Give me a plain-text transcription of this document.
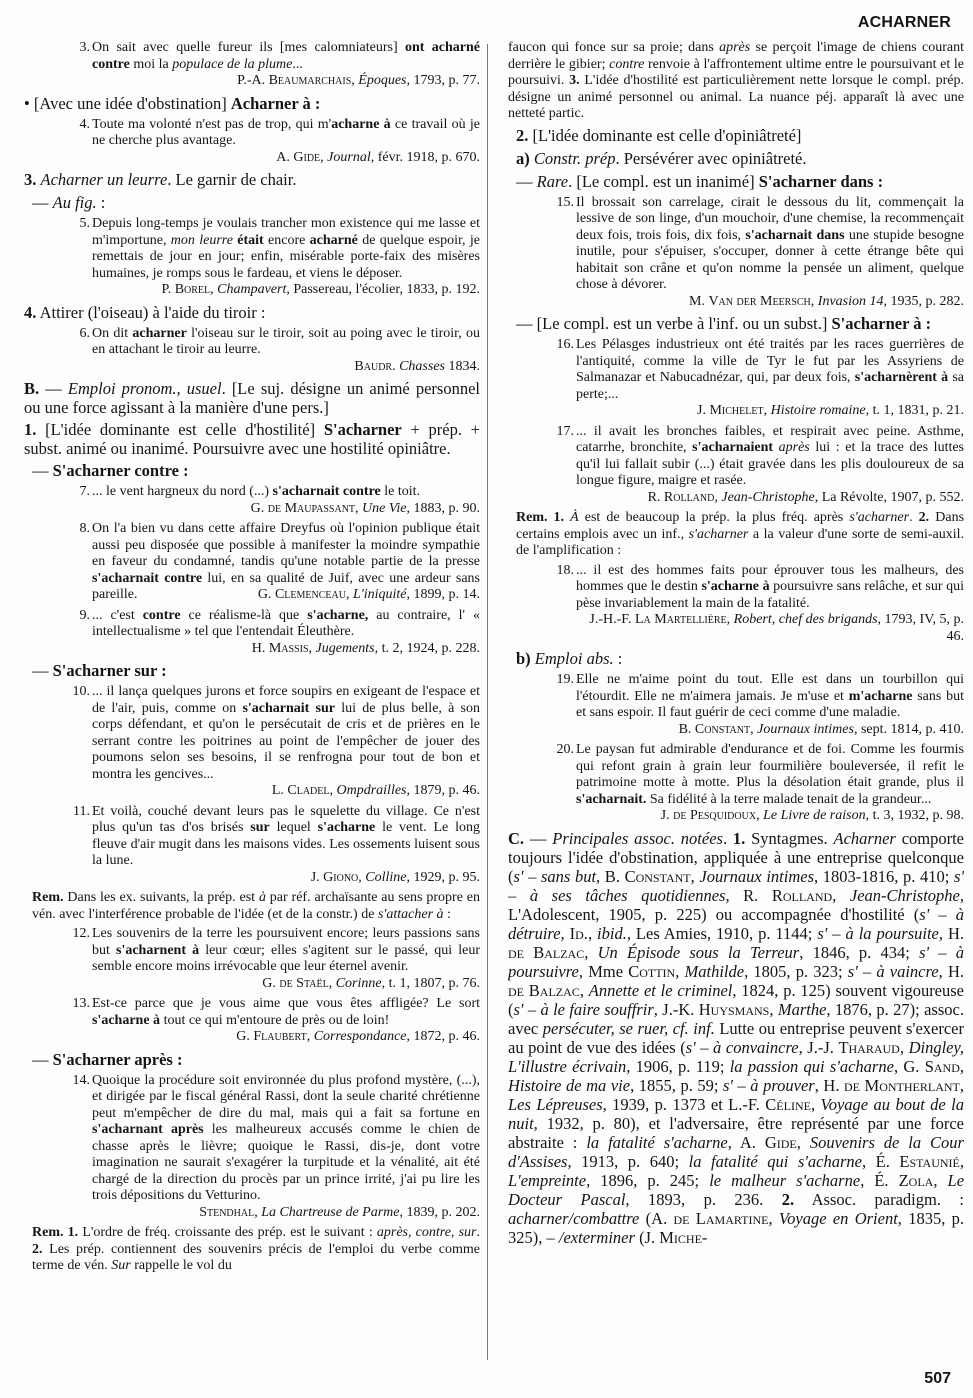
ACHARNER
3. On sait avec quelle fureur ils [mes calomniateurs] ont acharné contre moi la populace de la plume...
P.-A. Beaumarchais, Époques, 1793, p. 77.
• [Avec une idée d'obstination] Acharner à :
4. Toute ma volonté n'est pas de trop, qui m'acharne à ce travail où je ne cherche plus avantage.
A. Gide, Journal, févr. 1918, p. 670.
3. Acharner un leurre. Le garnir de chair.
— Au fig. :
5. Depuis long-temps je voulais trancher mon existence qui me lasse et m'importune, mon leurre était encore acharné de quelque espoir, je remettais de jour en jour; enfin, misérable porte-faix des misères humaines, je romps sous le fardeau, et viens le déposer.
P. Borel, Champavert, Passereau, l'écolier, 1833, p. 192.
4. Attirer (l'oiseau) à l'aide du tiroir :
6. On dit acharner l'oiseau sur le tiroir, soit au poing avec le tiroir, ou en attachant le tiroir au leurre.
Baudr. Chasses 1834.
B. — Emploi pronom., usuel. [Le suj. désigne un animé personnel ou une force agissant à la manière d'une pers.]
1. [L'idée dominante est celle d'hostilité] S'acharner + prép. + subst. animé ou inanimé. Poursuivre avec une hostilité opiniâtre.
— S'acharner contre :
7. ... le vent hargneux du nord (...) s'acharnait contre le toit.
G. de Maupassant, Une Vie, 1883, p. 90.
8. On l'a bien vu dans cette affaire Dreyfus où l'opinion publique était aussi peu disposée que possible à manifester la moindre sympathie en faveur du condamné, tandis qu'une notable partie de la presse s'acharnait contre lui, en sa qualité de Juif, avec une ardeur sans pareille.	G. Clemenceau, L'iniquité, 1899, p. 14.
9. ... c'est contre ce réalisme-là que s'acharne, au contraire, l' « intellectualisme » tel que l'entendait Éleuthère.
H. Massis, Jugements, t. 2, 1924, p. 228.
— S'acharner sur :
10. ... il lança quelques jurons et force soupirs en exigeant de l'espace et de l'air, puis, comme on s'acharnait sur lui de plus belle, à son corps défendant, et qu'on le persécutait de cris et de prières en le serrant contre les poitrines au point de l'empêcher de jouer des poumons selon ses besoins, il se renfrogna pour tout de bon et montra les gencives...
L. Cladel, Ompdrailles, 1879, p. 46.
11. Et voilà, couché devant leurs pas le squelette du village. Ce n'est plus qu'un tas d'os brisés sur lequel s'acharne le vent. Le long fleuve d'air mugit dans les maisons vides. Les ossements luisent sous la lune.
J. Giono, Colline, 1929, p. 95.
Rem. Dans les ex. suivants, la prép. est à par réf. archaïsante au sens propre en vén. avec l'interférence probable de l'idée (et de la constr.) de s'attacher à :
12. Les souvenirs de la terre les poursuivent encore; leurs passions sans but s'acharnent à leur cœur; elles s'agitent sur le passé, qui leur semble encore moins irrévocable que leur éternel avenir.
G. de Staël, Corinne, t. 1, 1807, p. 76.
13. Est-ce parce que je vous aime que vous êtes affligée? Le sort s'acharne à tout ce qui m'entoure de près ou de loin!
G. Flaubert, Correspondance, 1872, p. 46.
— S'acharner après :
14. Quoique la procédure soit environnée du plus profond mystère, (...), et dirigée par le fiscal général Rassi, dont la seule charité chrétienne peut m'empêcher de dire du mal, mais qui a fait sa fortune en s'acharnant après les malheureux accusés comme le chien de chasse après le lièvre; quoique le Rassi, dis-je, dont votre imagination ne saurait s'exagérer la turpitude et la vénalité, ait été chargé de la direction du procès par un prince irrité, j'ai pu lire les trois dépositions du Vetturino.
Stendhal, La Chartreuse de Parme, 1839, p. 202.
Rem. 1. L'ordre de fréq. croissante des prép. est le suivant : après, contre, sur. 2. Les prép. contiennent des souvenirs précis de l'emploi du verbe comme terme de vén. Sur rappelle le vol du
faucon qui fonce sur sa proie; dans après se perçoit l'image de chiens courant derrière le gibier; contre renvoie à l'affrontement ultime entre le poursuivant et le poursuivi. 3. L'idée d'hostilité est particulièrement nette lorsque le compl. prép. désigne un animé personnel ou animal. La nuance péj. apparaît là avec une netteté partic.
2. [L'idée dominante est celle d'opiniâtreté]
a) Constr. prép. Persévérer avec opiniâtreté.
— Rare. [Le compl. est un inanimé] S'acharner dans :
15. Il brossait son carrelage, cirait le dessous du lit, commençait la lessive de son linge, d'un mouchoir, d'une chemise, la recommençait deux fois, trois fois, dix fois, s'acharnait dans une stupide besogne inutile, pour s'épuiser, s'occuper, donner à cette étrange bête qui habitait son crâne et qu'on nomme la pensée un aliment, quelque chose à dévorer.
M. Van der Meersch, Invasion 14, 1935, p. 282.
— [Le compl. est un verbe à l'inf. ou un subst.] S'acharner à :
16. Les Pélasges industrieux ont été traités par les races guerrières de l'antiquité, comme la ville de Tyr le fut par les Assyriens de Salmanazar et Nabucadnézar, qui, par deux fois, s'acharnèrent à sa perte;...
J. Michelet, Histoire romaine, t. 1, 1831, p. 21.
17. ... il avait les bronches faibles, et respirait avec peine. Asthme, catarrhe, bronchite, s'acharnaient après lui : et la trace des luttes qu'il lui fallait subir (...) était gravée dans les plis douloureux de sa longue figure, maigre et rasée.
R. Rolland, Jean-Christophe, La Révolte, 1907, p. 552.
Rem. 1. À est de beaucoup la prép. la plus fréq. après s'acharner. 2. Dans certains emplois avec un inf., s'acharner a la valeur d'une sorte de semi-auxil. de l'amplification :
18. ... il est des hommes faits pour éprouver tous les malheurs, des hommes que le destin s'acharne à poursuivre sans relâche, et sur qui pèse invariablement la main de la fatalité.
J.-H.-F. La Martellière, Robert, chef des brigands, 1793, IV, 5, p. 46.
b) Emploi abs. :
19. Elle ne m'aime point du tout. Elle est dans un tourbillon qui l'étourdit. Elle ne m'aimera jamais. Je m'use et m'acharne sans but et sans espoir. Il faut guérir de ceci comme d'une maladie.
B. Constant, Journaux intimes, sept. 1814, p. 410.
20. Le paysan fut admirable d'endurance et de foi. Comme les fourmis qui refont grain à grain leur fourmilière bouleversée, il refit le patrimoine motte à motte. Plus la désolation était grande, plus il s'acharnait. Sa fidélité à la terre malade tenait de la grandeur...
J. de Pesquidoux, Le Livre de raison, t. 3, 1932, p. 98.
C. — Principales assoc. notées. 1. Syntagmes. Acharner comporte toujours l'idée d'obstination, appliquée à une entreprise quelconque (s' – sans but, B. Constant, Journaux intimes, 1803-1816, p. 410; s' – à ses tâches quotidiennes, R. Rolland, Jean-Christophe, L'Adolescent, 1905, p. 225) ou accompagnée d'hostilité (s' – à détruire, Id., ibid., Les Amies, 1910, p. 1144; s' – à la poursuite, H. de Balzac, Un Épisode sous la Terreur, 1846, p. 434; s' – à poursuivre, Mme Cottin, Mathilde, 1805, p. 323; s' – à vaincre, H. de Balzac, Annette et le criminel, 1824, p. 125) souvent vigoureuse (s' – à le faire souffrir, J.-K. Huysmans, Marthe, 1876, p. 27); assoc. avec persécuter, se ruer, cf. inf. Lutte ou entreprise peuvent s'exercer au point de vue des idées (s' – à convaincre, J.-J. Tharaud, Dingley, L'illustre écrivain, 1906, p. 119; la passion qui s'acharne, G. Sand, Histoire de ma vie, 1855, p. 59; s' – à prouver, H. de Montherlant, Les Lépreuses, 1939, p. 1373 et L.-F. Céline, Voyage au bout de la nuit, 1932, p. 80), et l'adversaire, être représenté par une force abstraite : la fatalité s'acharne, A. Gide, Souvenirs de la Cour d'Assises, 1913, p. 640; la fatalité qui s'acharne, É. Estaunié, L'empreinte, 1896, p. 245; le malheur s'acharne, É. Zola, Le Docteur Pascal, 1893, p. 236. 2. Assoc. paradigm. : acharner/combattre (A. de Lamartine, Voyage en Orient, 1835, p. 325), – /exterminer (J. Miche-
507
